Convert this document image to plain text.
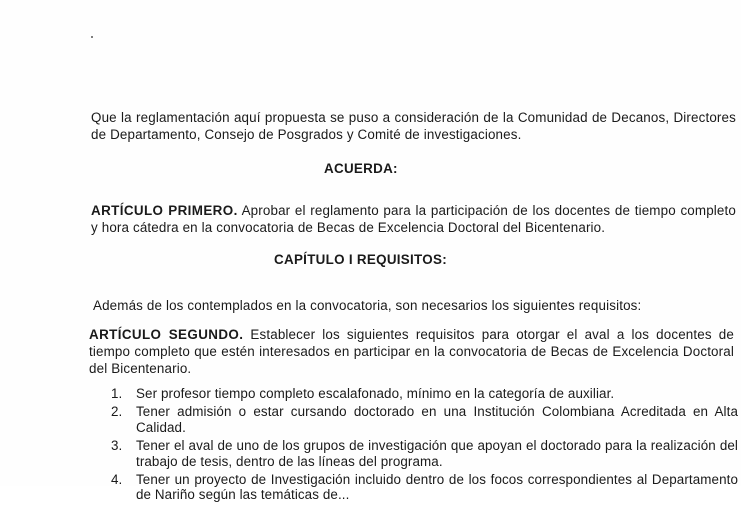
Que la reglamentación aquí propuesta se puso a consideración de la Comunidad de Decanos, Directores de Departamento, Consejo de Posgrados y Comité de investigaciones.

ACUERDA:

ARTÍCULO PRIMERO. Aprobar el reglamento para la participación de los docentes de tiempo completo y hora cátedra en la convocatoria de Becas de Excelencia Doctoral del Bicentenario.

CAPÍTULO I REQUISITOS:

Además de los contemplados en la convocatoria, son necesarios los siguientes requisitos:

ARTÍCULO SEGUNDO. Establecer los siguientes requisitos para otorgar el aval a los docentes de tiempo completo que estén interesados en participar en la convocatoria de Becas de Excelencia Doctoral del Bicentenario.

1. Ser profesor tiempo completo escalafonado, mínimo en la categoría de auxiliar.
2. Tener admisión o estar cursando doctorado en una Institución Colombiana Acreditada en Alta Calidad.
3. Tener el aval de uno de los grupos de investigación que apoyan el doctorado para la realización del trabajo de tesis, dentro de las líneas del programa.
4. Tener un proyecto de Investigación incluido dentro de los focos correspondientes al Departamento de Nariño según las temáticas de...
